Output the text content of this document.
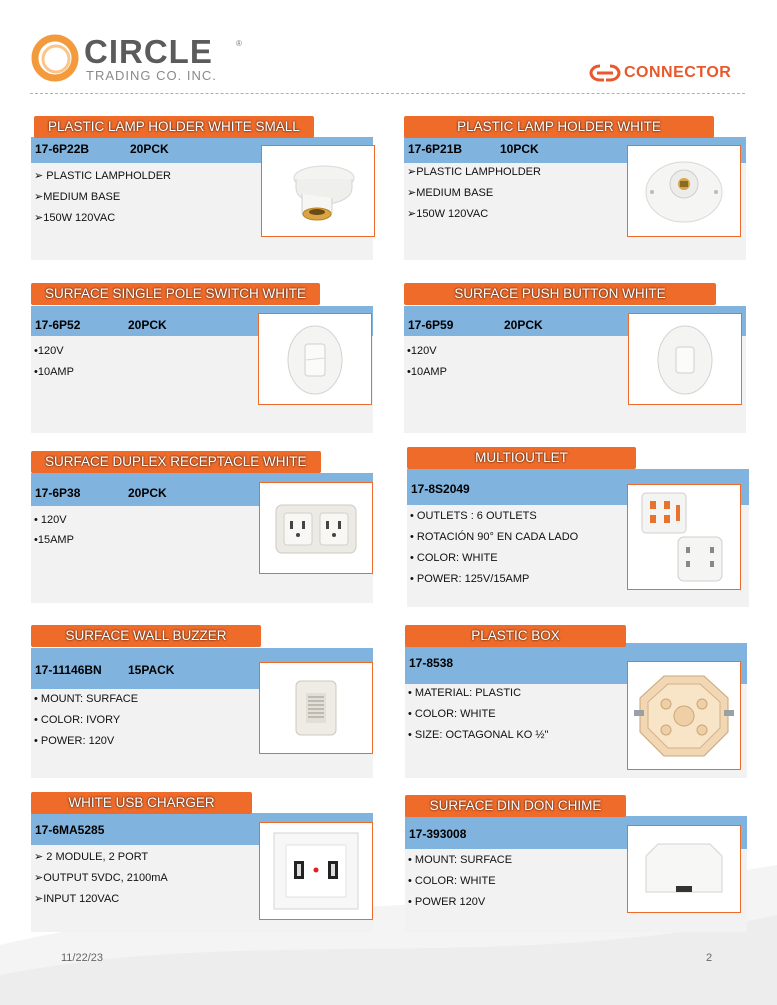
CIRCLE	®
TRADING CO. INC.	CONNECTOR
PLASTIC LAMP HOLDER WHITE SMALL
17-6P22B	20PCK
➢ PLASTIC LAMPHOLDER
➢MEDIUM BASE
➢150W 120VAC
PLASTIC LAMP HOLDER WHITE
17-6P21B	10PCK
➢PLASTIC LAMPHOLDER
➢MEDIUM BASE
➢150W 120VAC
SURFACE SINGLE POLE SWITCH WHITE
17-6P52	20PCK
•120V
•10AMP
SURFACE PUSH BUTTON WHITE
17-6P59	20PCK
•120V
•10AMP
SURFACE DUPLEX RECEPTACLE WHITE
17-6P38	20PCK
• 120V
•15AMP
MULTIOUTLET
17-8S2049
• OUTLETS : 6 OUTLETS
• ROTACIÓN 90° EN CADA LADO
• COLOR: WHITE
• POWER: 125V/15AMP
SURFACE WALL BUZZER
17-11146BN 15PACK
• MOUNT: SURFACE
• COLOR: IVORY
• POWER: 120V
PLASTIC BOX
17-8538
• MATERIAL: PLASTIC
• COLOR: WHITE
• SIZE: OCTAGONAL KO ½"
WHITE USB CHARGER
17-6MA5285
➢ 2 MODULE, 2 PORT
➢OUTPUT 5VDC, 2100mA
➢INPUT 120VAC
SURFACE DIN DON CHIME
17-393008
• MOUNT: SURFACE
• COLOR: WHITE
• POWER 120V
11/22/23	2
